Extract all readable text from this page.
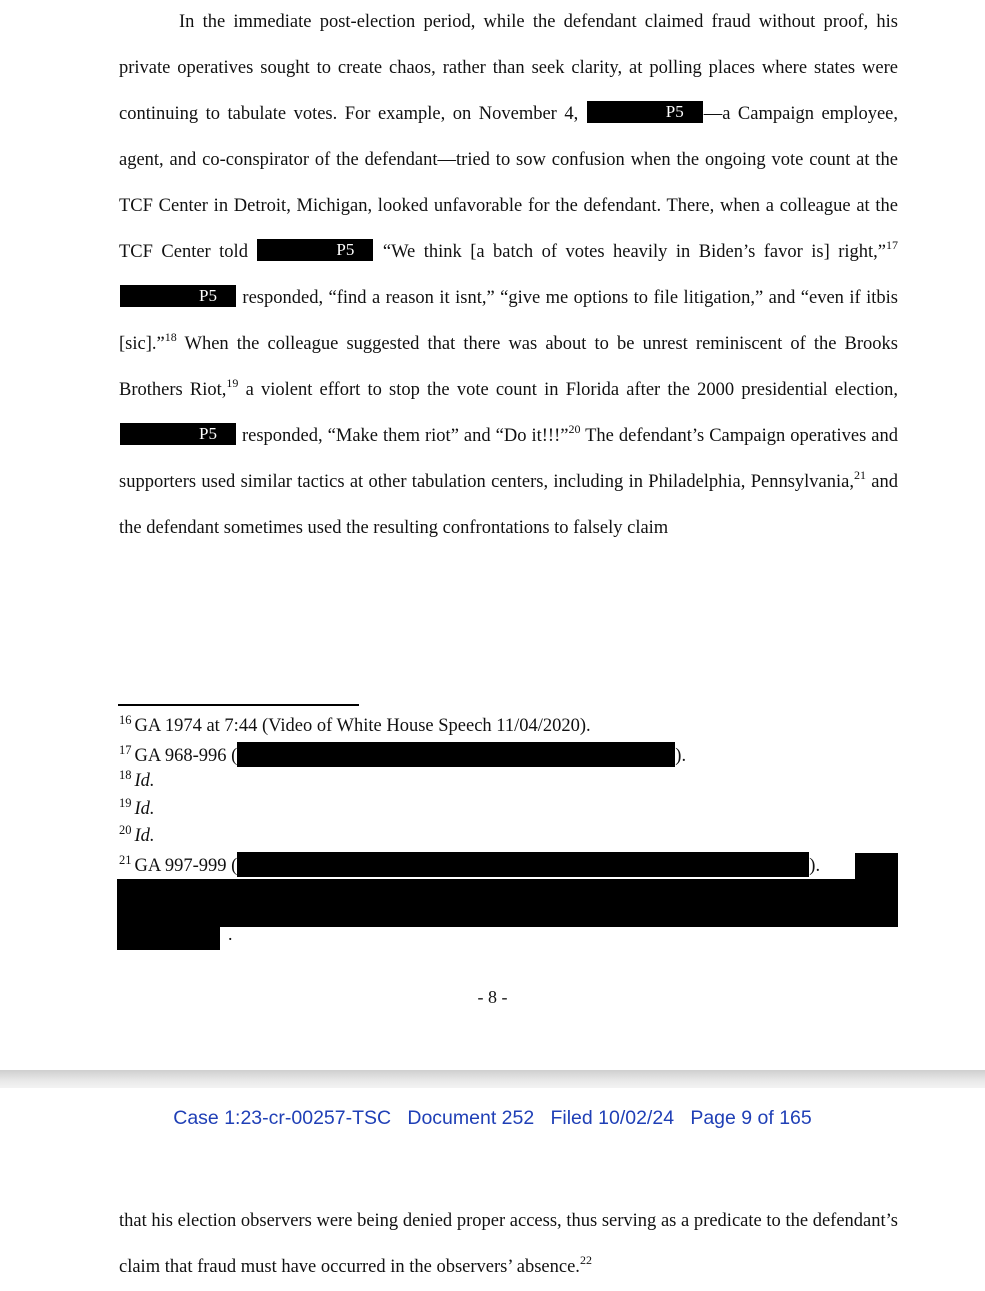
In the immediate post-election period, while the defendant claimed fraud without proof, his private operatives sought to create chaos, rather than seek clarity, at polling places where states were continuing to tabulate votes. For example, on November 4,	P5 —a Campaign employee, agent, and co-conspirator of the defendant—tried to sow confusion when the ongoing vote count at the TCF Center in Detroit, Michigan, looked unfavorable for the defendant. There, when a colleague at the TCF Center told	P5 “We think [a batch of votes heavily in Biden’s favor is] right,”$^{17}$ P5 responded, “find a reason it isnt,” “give me options to file litigation,” and “even if itbis [sic].”$^{18}$ When the colleague suggested that there was about to be unrest reminiscent of the Brooks Brothers Riot,$^{19}$ a violent effort to stop the vote count in Florida after the 2000 presidential election, P5 responded, “Make them riot” and “Do it!!!”$^{20}$ The defendant’s Campaign operatives and supporters used similar tactics at other tabulation centers, including in Philadelphia, Pennsylvania,$^{21}$ and the defendant sometimes used the resulting confrontations to falsely claim

$^{16}$ GA 1974 at 7:44 (Video of White House Speech 11/04/2020).
$^{17}$ GA 968-996 (	).
$^{18}$ Id.
$^{19}$ Id.
$^{20}$ Id.
$^{21}$ GA 997-999 (	).
.
- 8 -
Case 1:23-cr-00257-TSC Document 252 Filed 10/02/24 Page 9 of 165

that his election observers were being denied proper access, thus serving as a predicate to the defendant’s claim that fraud must have occurred in the observers’ absence.$^{22}$
